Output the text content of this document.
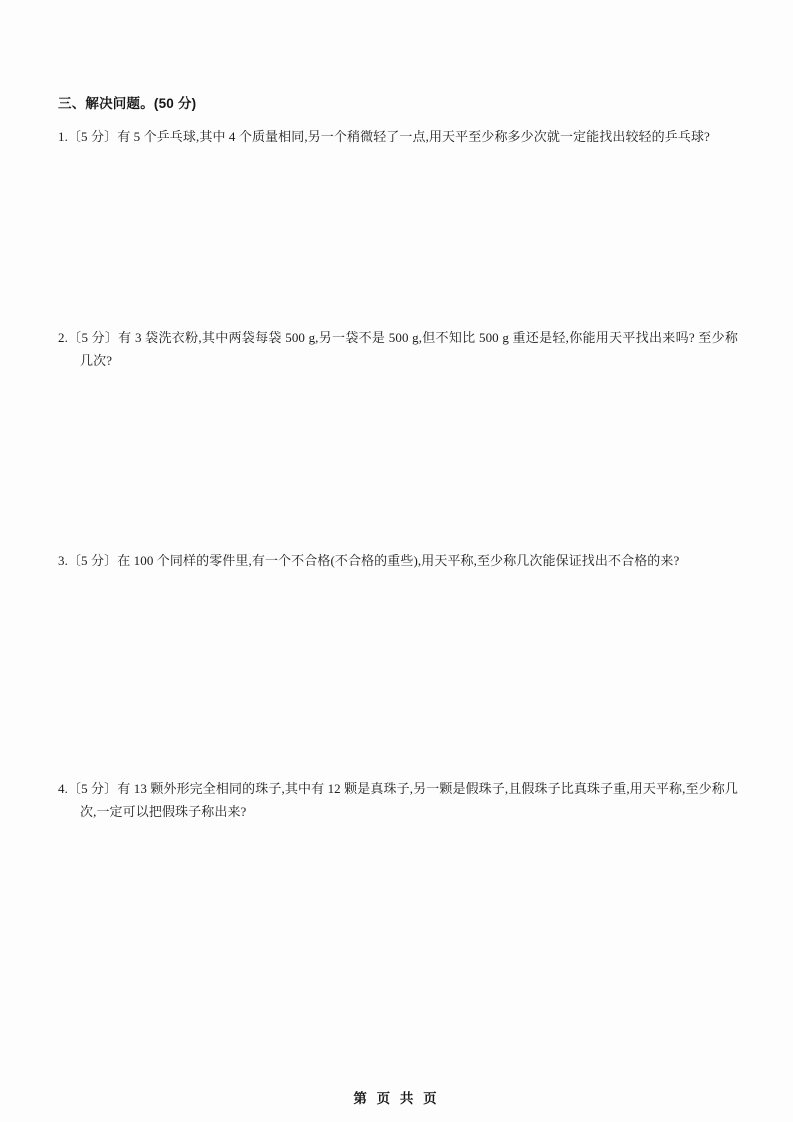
三、解决问题。(50 分)
1.〔5 分〕有 5 个乒乓球,其中 4 个质量相同,另一个稍微轻了一点,用天平至少称多少次就一定能找出较轻的乒乓球?
2.〔5 分〕有 3 袋洗衣粉,其中两袋每袋 500 g,另一袋不是 500 g,但不知比 500 g 重还是轻,你能用天平找出来吗? 至少称几次?
3.〔5 分〕在 100 个同样的零件里,有一个不合格(不合格的重些),用天平称,至少称几次能保证找出不合格的来?
4.〔5 分〕有 13 颗外形完全相同的珠子,其中有 12 颗是真珠子,另一颗是假珠子,且假珠子比真珠子重,用天平称,至少称几次,一定可以把假珠子称出来?
第 页 共 页
